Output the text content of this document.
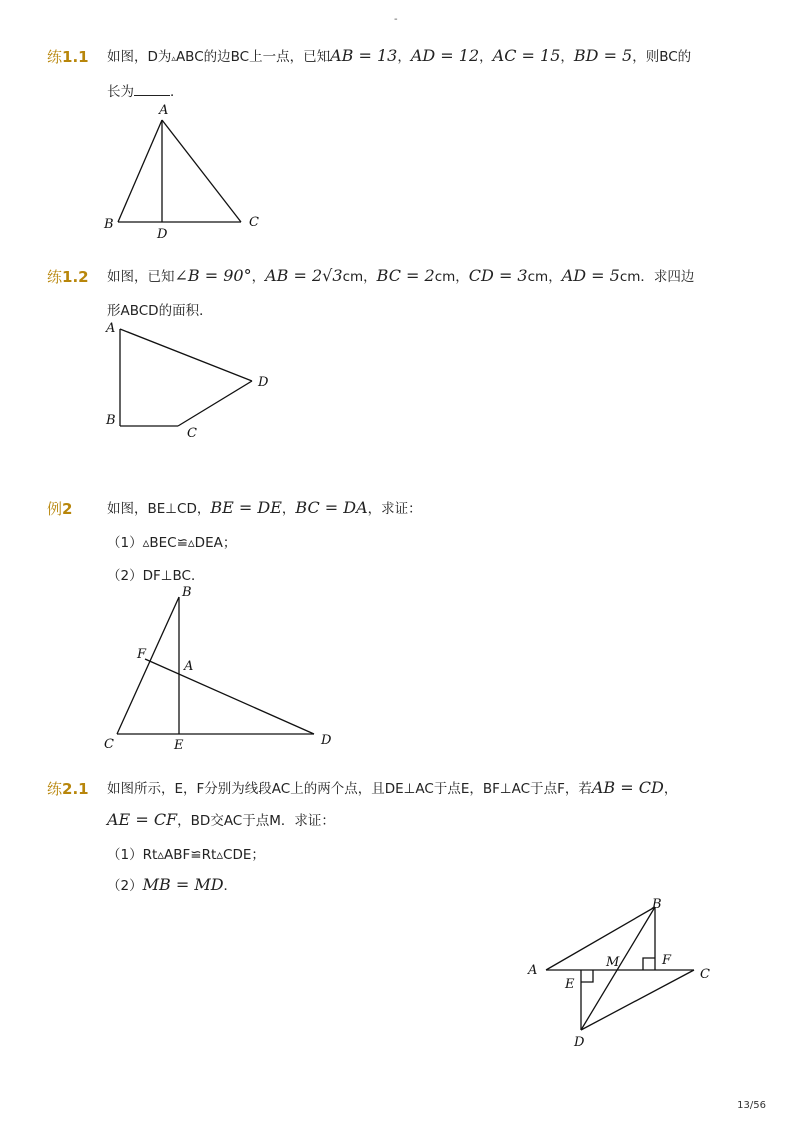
-
练1.1 如图，D为▵ABC的边BC上一点，已知AB = 13，AD = 12，AC = 15，BD = 5，则BC的
长为	．
A
B	C
D
练1.2 如图，已知∠B = 90°，AB = 2√3cm，BC = 2cm，CD = 3cm，AD = 5cm．求四边
形ABCD的面积．
A
B
C
D
例2	如图，BE⊥CD，BE = DE，BC = DA，求证：
（1）▵BEC≌▵DEA；
（2）DF⊥BC．
B
F
A
C	E	D
练2.1 如图所示，E，F分别为线段AC上的两个点，且DE⊥AC于点E，BF⊥AC于点F，若AB = CD，
AE = CF，BD交AC于点M．求证：
（1）Rt▵ABF≌Rt▵CDE；
（2）MB = MD．
B
A	C
F
M
E
D
13/56
